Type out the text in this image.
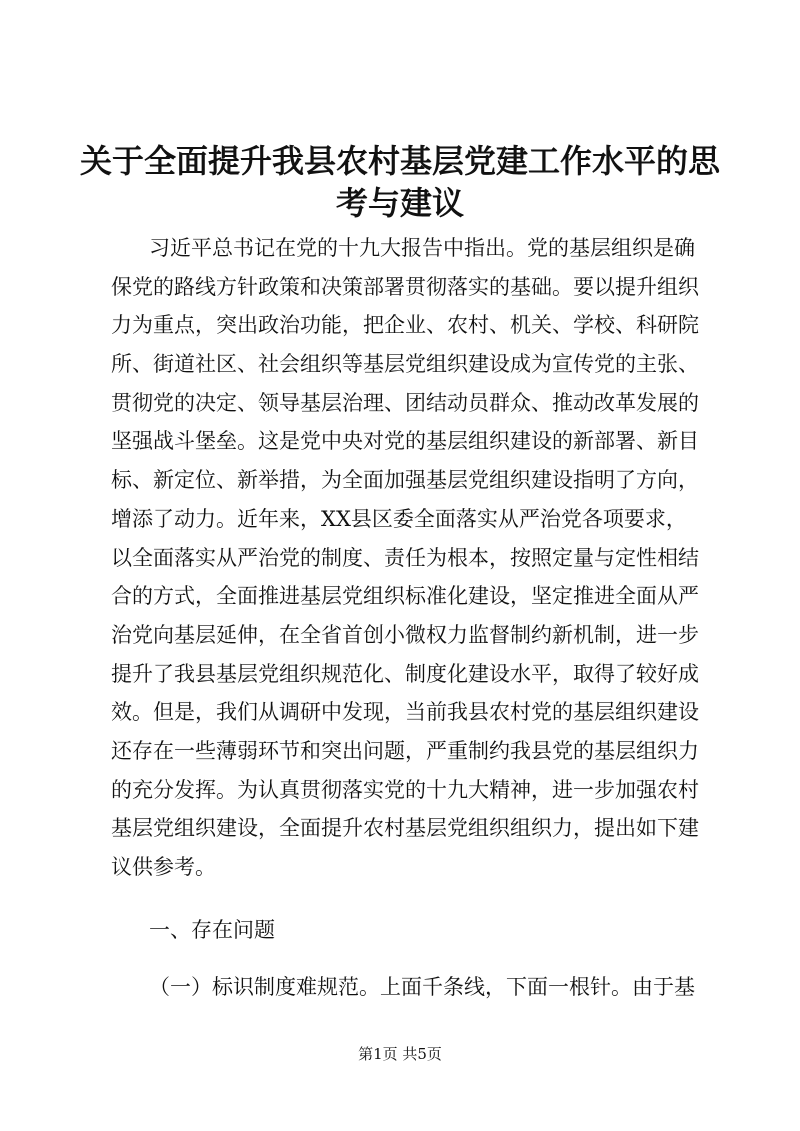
关于全面提升我县农村基层党建工作水平的思
考与建议
习近平总书记在党的十九大报告中指出。党的基层组织是确
保党的路线方针政策和决策部署贯彻落实的基础。要以提升组织
力为重点，突出政治功能，把企业、农村、机关、学校、科研院
所、街道社区、社会组织等基层党组织建设成为宣传党的主张、
贯彻党的决定、领导基层治理、团结动员群众、推动改革发展的
坚强战斗堡垒。这是党中央对党的基层组织建设的新部署、新目
标、新定位、新举措，为全面加强基层党组织建设指明了方向，
增添了动力。近年来，XX县区委全面落实从严治党各项要求，
以全面落实从严治党的制度、责任为根本，按照定量与定性相结
合的方式，全面推进基层党组织标准化建设，坚定推进全面从严
治党向基层延伸，在全省首创小微权力监督制约新机制，进一步
提升了我县基层党组织规范化、制度化建设水平，取得了较好成
效。但是，我们从调研中发现，当前我县农村党的基层组织建设
还存在一些薄弱环节和突出问题，严重制约我县党的基层组织力
的充分发挥。为认真贯彻落实党的十九大精神，进一步加强农村
基层党组织建设，全面提升农村基层党组织组织力，提出如下建
议供参考。
一、存在问题
（一）标识制度难规范。上面千条线，下面一根针。由于基
第1页 共5页
